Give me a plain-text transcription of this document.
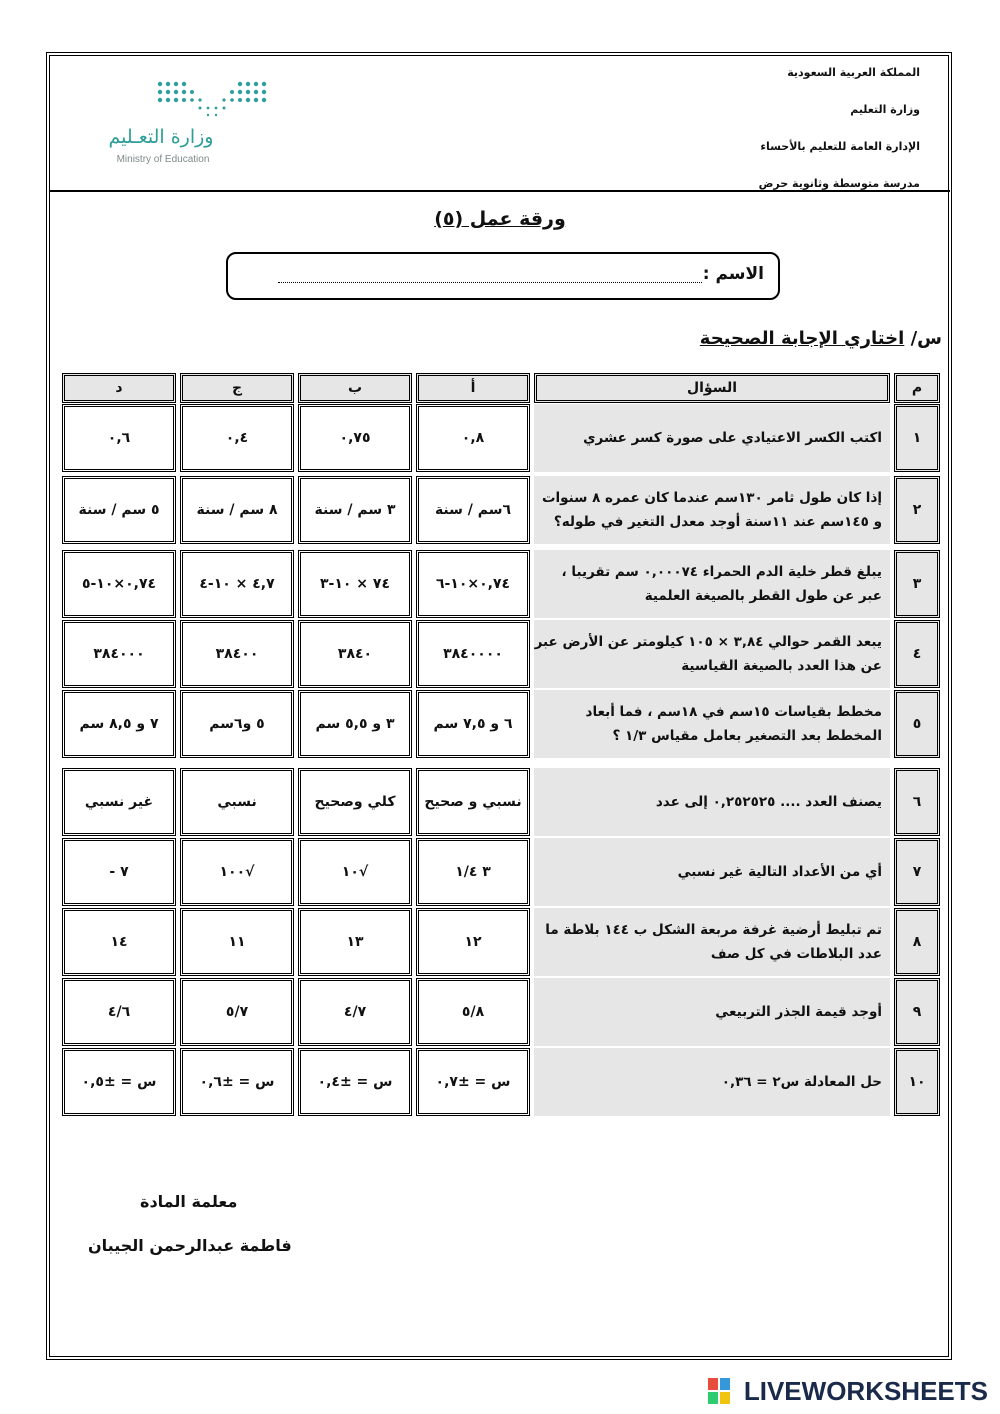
المملكة العربية السعودية
وزارة التعليم
الإدارة العامة للتعليم بالأحساء
مدرسة متوسطة وثانوية حرض
وزارة التعـليم
Ministry of Education
ورقة عمل (٥)
الاسم :
س/ اختاري الإجابة الصحيحة
م
السؤال
أ
ب
ج
د
١
اكتب الكسر الاعتيادي على صورة كسر عشري
٠,٨
٠,٧٥
٠,٤
٠,٦
٢
إذا كان طول ثامر ١٣٠سم عندما كان عمره ٨ سنوات و ١٤٥سم عند ١١سنة أوجد معدل التغير في طوله؟
٦سم / سنة
٣ سم / سنة
٨ سم / سنة
٥ سم / سنة
٣
يبلغ قطر خلية الدم الحمراء ٠,٠٠٠٧٤ سم تقريبا ، عبر عن طول القطر بالصيغة العلمية
٠,٧٤×١٠-٦
٧٤ × ١٠-٣
٤,٧ × ١٠-٤
٠,٧٤×١٠-٥
٤
يبعد القمر حوالي ٣,٨٤ × ١٠٥ كيلومتر عن الأرض عبر عن هذا العدد بالصيغة القياسية
٣٨٤٠٠٠٠
٣٨٤٠
٣٨٤٠٠
٣٨٤٠٠٠
٥
مخطط بقياسات ١٥سم في ١٨سم ، فما أبعاد المخطط بعد التصغير بعامل مقياس ١/٣ ؟
٦ و ٧,٥ سم
٣ و ٥,٥ سم
٥ و٦سم
٧ و ٨,٥ سم
٦
يصنف العدد .... ٠,٢٥٢٥٢٥ إلى عدد
نسبي و صحيح
كلي وصحيح
نسبي
غير نسبي
٧
أي من الأعداد التالية غير نسبي
٣ ١/٤
√١٠
√١٠٠
٧ -
٨
تم تبليط أرضية غرفة مربعة الشكل ب ١٤٤ بلاطة ما عدد البلاطات في كل صف
١٢
١٣
١١
١٤
٩
أوجد قيمة الجذر التربيعي
٥/٨
٤/٧
٥/٧
٤/٦
١٠
حل المعادلة س٢ = ٠,٣٦
س = ±٠,٧
س = ±٠,٤
س = ±٠,٦
س = ±٠,٥
معلمة المادة
فاطمة عبدالرحمن الجيبان
LIVEWORKSHEETS
